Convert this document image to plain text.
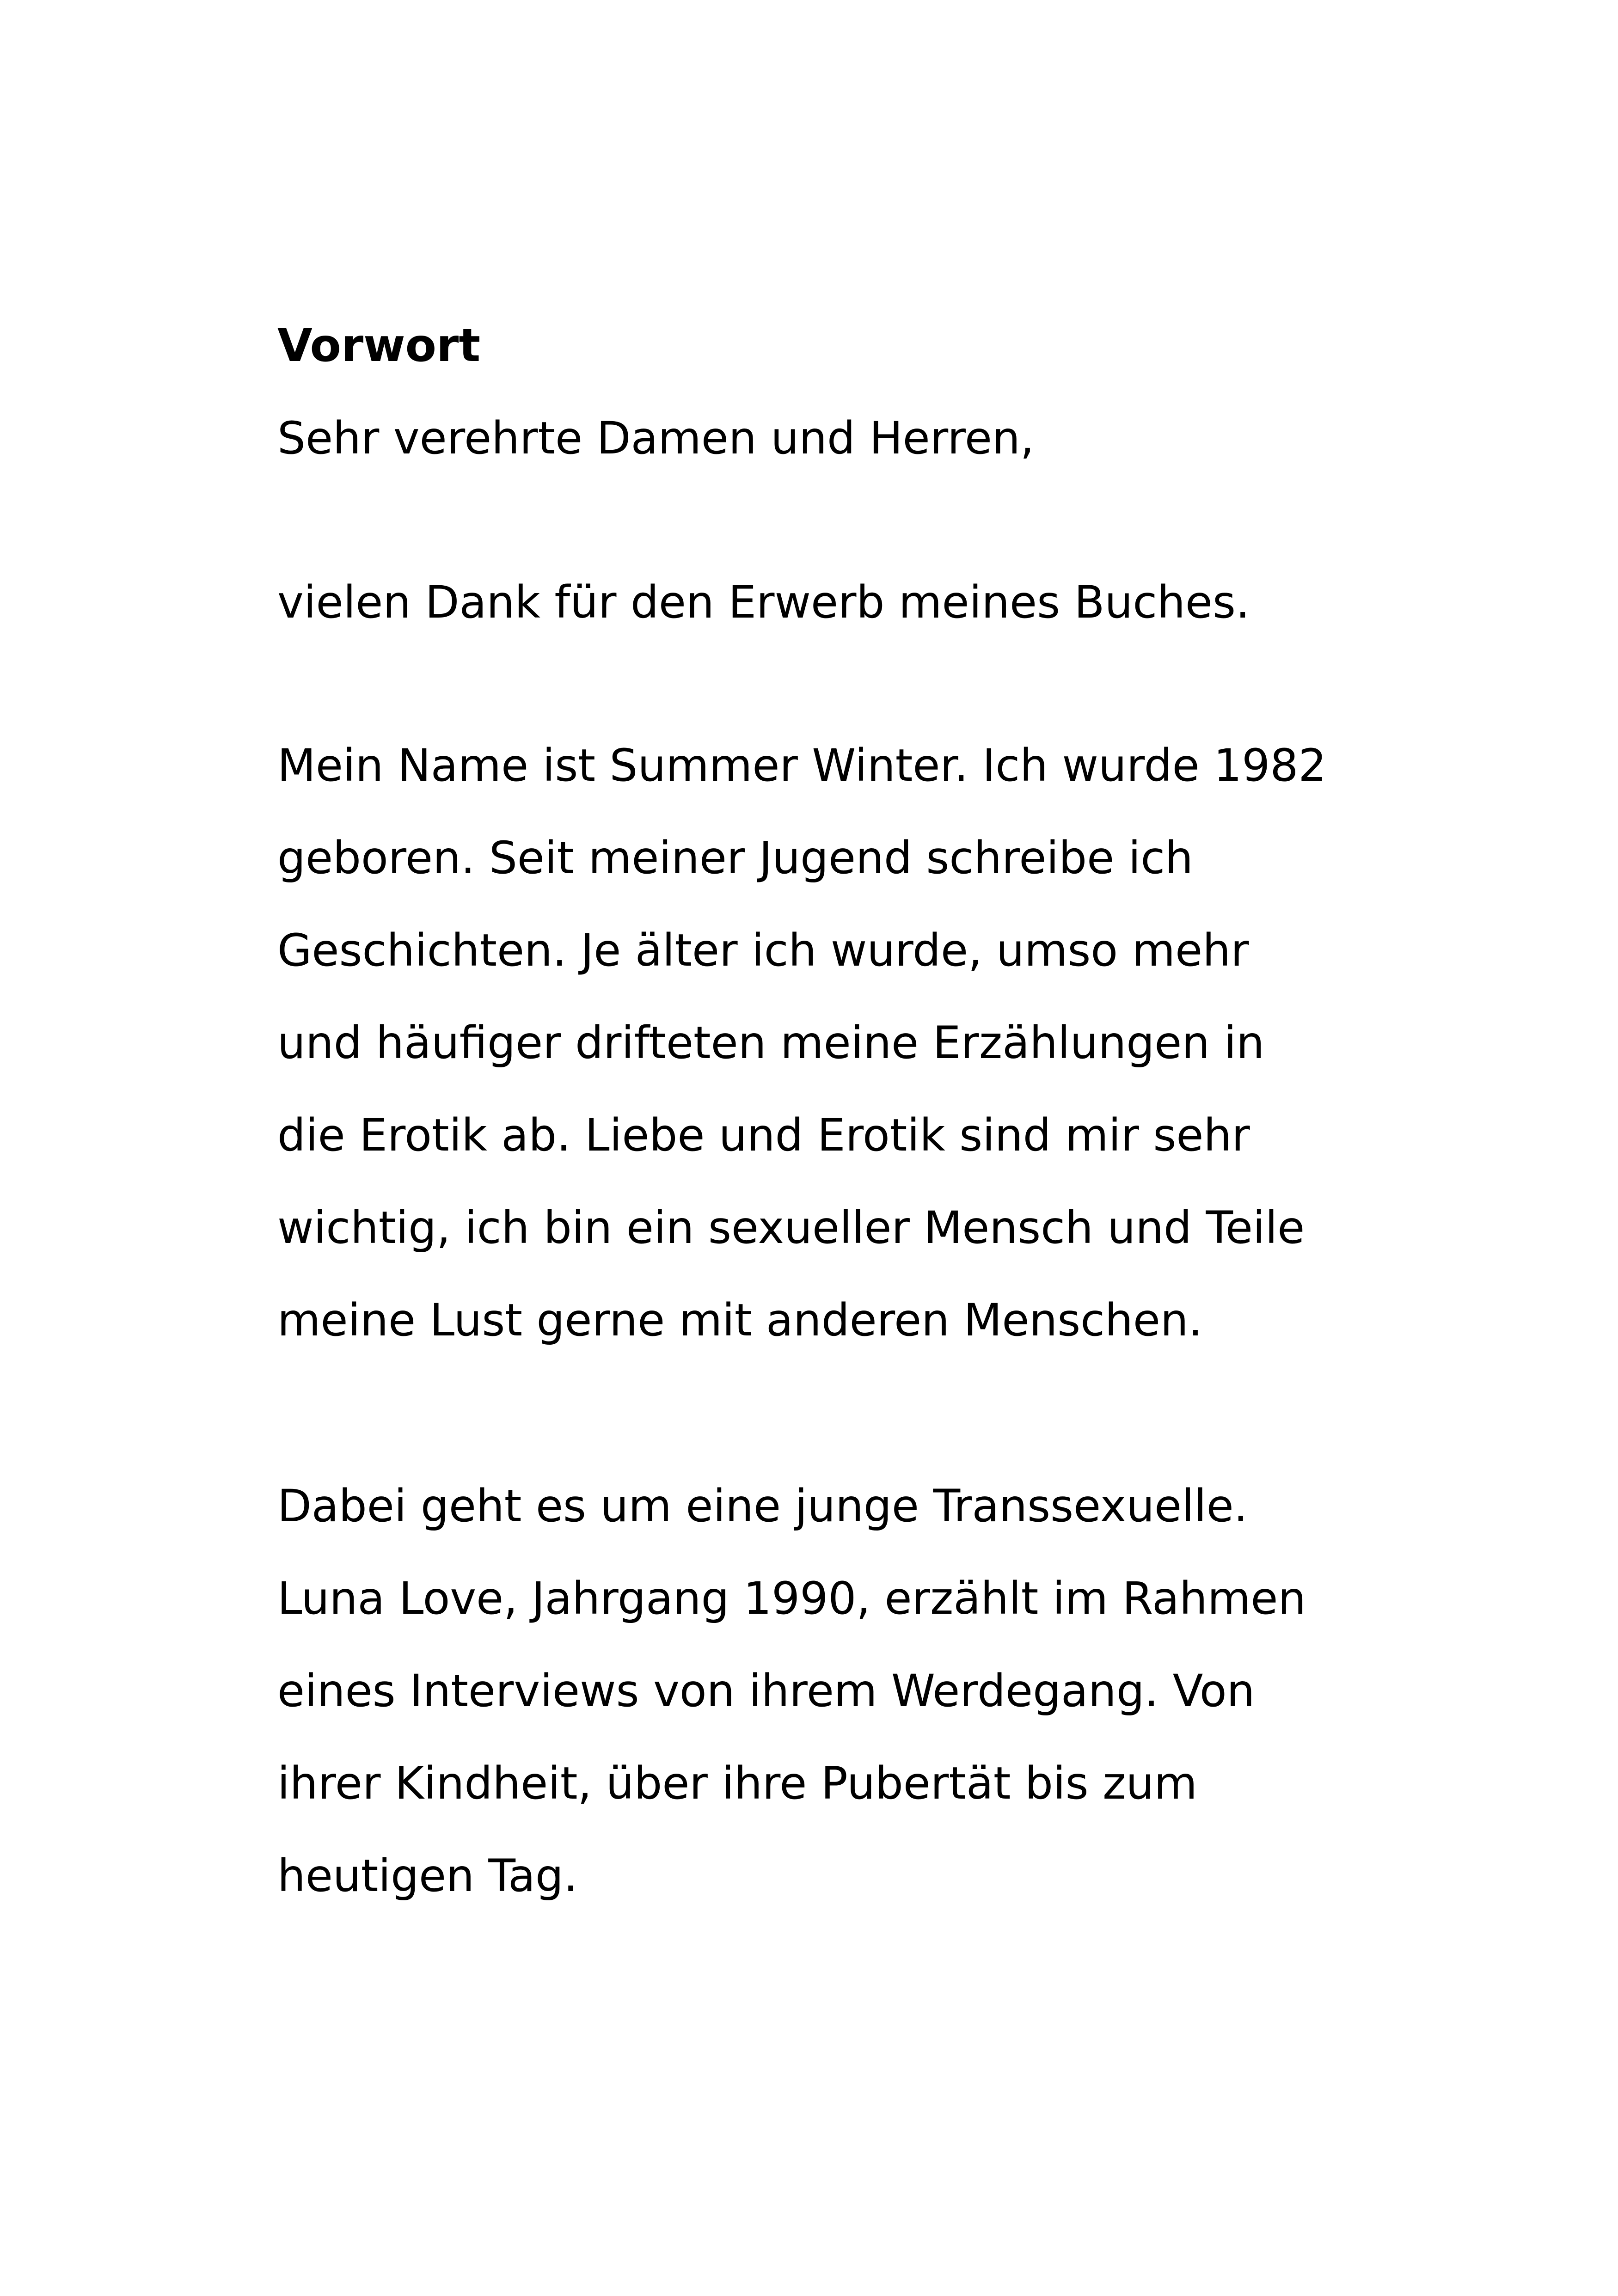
Vorwort

Sehr verehrte Damen und Herren,

vielen Dank für den Erwerb meines Buches.

Mein Name ist Summer Winter. Ich wurde 1982

geboren. Seit meiner Jugend schreibe ich

Geschichten. Je älter ich wurde, umso mehr

und häufiger drifteten meine Erzählungen in

die Erotik ab. Liebe und Erotik sind mir sehr

wichtig, ich bin ein sexueller Mensch und Teile

meine Lust gerne mit anderen Menschen.

Dabei geht es um eine junge Transsexuelle.

Luna Love, Jahrgang 1990, erzählt im Rahmen

eines Interviews von ihrem Werdegang. Von

ihrer Kindheit, über ihre Pubertät bis zum

heutigen Tag.
